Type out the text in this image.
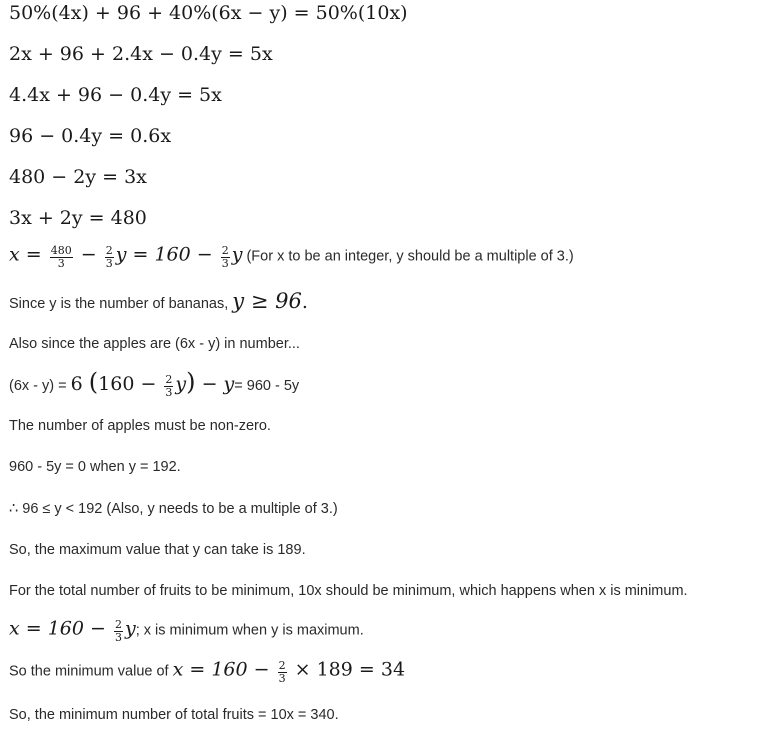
50%(4x) + 96 + 40%(6x − y) = 50%(10x)
2x + 96 + 2.4x − 0.4y = 5x
4.4x + 96 − 0.4y = 5x
96 − 0.4y = 0.6x
480 − 2y = 3x
3x + 2y = 480
$x = \frac{480}{3} - \frac{2}{3}$ $y = 160 - \frac{2}{3}$ y (For x to be an integer, y should be a multiple of 3.)
Since y is the number of bananas, y ≥ 96.
Also since the apples are (6x - y) in number...
(6x - y) = 6 $(160 - \frac{2}{3} y) - y= 960 - 5y$
The number of apples must be non-zero.
960 - 5y = 0 when y = 192.
∴ 96 ≤ y < 192 (Also, y needs to be a multiple of 3.)
So, the maximum value that y can take is 189.
For the total number of fruits to be minimum, 10x should be minimum, which happens when x is minimum.
$x = 160 - \frac{2}{3} y$; x is minimum when y is maximum.
So the minimum value of $x = 160 - \frac{2}{3} \times 189 = 34$
So, the minimum number of total fruits = 10x = 340.
